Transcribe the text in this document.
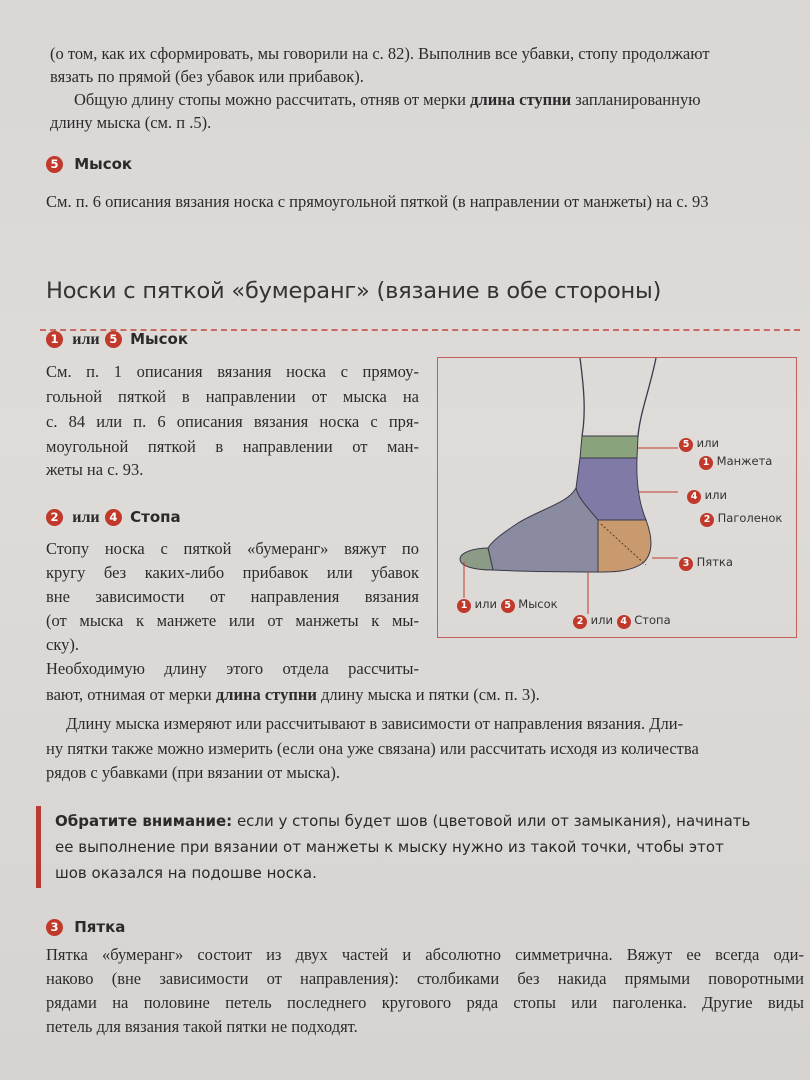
(о том, как их сформировать, мы говорили на с. 82). Выполнив все убавки, стопу продолжают

вязать по прямой (без убавок или прибавок).

Общую длину стопы можно рассчитать, отняв от мерки длина ступни запланированную

длину мыска (см. п .5).

5 Мысок

См. п. 6 описания вязания носка с прямоугольной пяткой (в направлении от манжеты) на с. 93

Носки с пяткой «бумеранг» (вязание в обе стороны)
1 или 5 Мысок

См. п. 1 описания вязания носка с прямоу-

гольной пяткой в направлении от мыска на

с. 84 или п. 6 описания вязания носка с пря-

моугольной пяткой в направлении от ман-

жеты на с. 93.

2 или 4 Стопа

Стопу носка с пяткой «бумеранг» вяжут по

кругу без каких-либо прибавок или убавок

вне зависимости от направления вязания

(от мыска к манжете или от манжеты к мы-

ску).

Необходимую длину этого отдела рассчиты-

вают, отнимая от мерки длина ступни длину мыска и пятки (см. п. 3).

Длину мыска измеряют или рассчитывают в зависимости от направления вязания. Дли-

ну пятки также можно измерить (если она уже связана) или рассчитать исходя из количества

рядов с убавками (при вязании от мыска).

5 или
1 Манжета
4 или
2 Паголенок
3 Пятка
1 или 5 Мысок
2 или 4 Стопа
Обратите внимание: если у стопы будет шов (цветовой или от замыкания), начинать
ее выполнение при вязании от манжеты к мыску нужно из такой точки, чтобы этот
шов оказался на подошве носка.
3 Пятка

Пятка «бумеранг» состоит из двух частей и абсолютно симметрична. Вяжут ее всегда оди-

наково (вне зависимости от направления): столбиками без накида прямыми поворотными

рядами на половине петель последнего кругового ряда стопы или паголенка. Другие виды

петель для вязания такой пятки не подходят.
